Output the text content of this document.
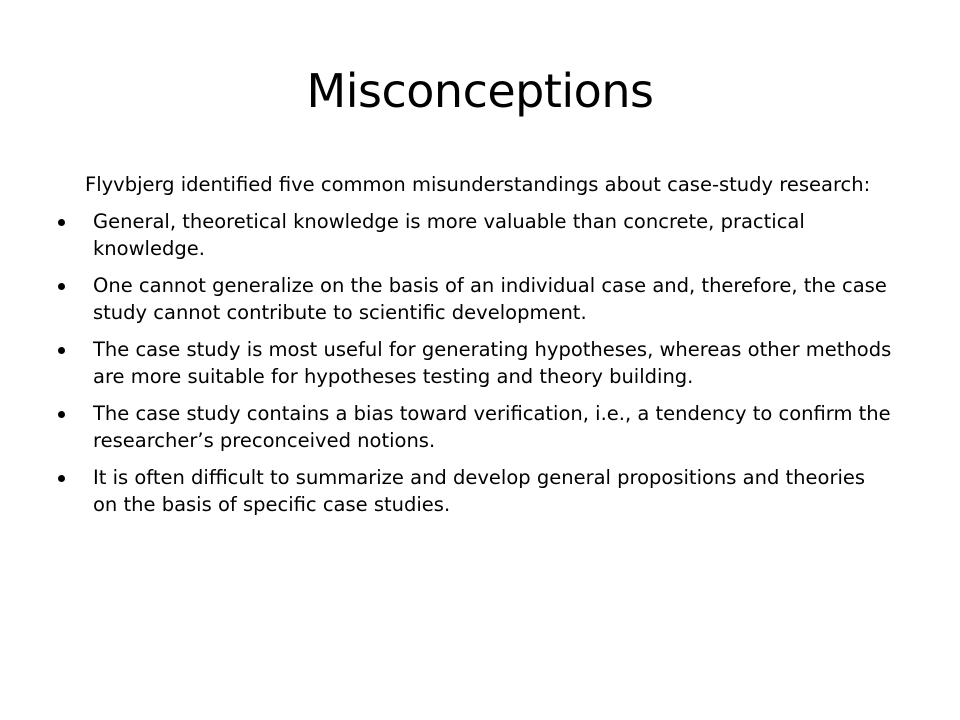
Misconceptions

Flyvbjerg identified five common misunderstandings about case-study research:

General, theoretical knowledge is more valuable than concrete, practical knowledge.
One cannot generalize on the basis of an individual case and, therefore, the case study cannot contribute to scientific development.
The case study is most useful for generating hypotheses, whereas other methods are more suitable for hypotheses testing and theory building.
The case study contains a bias toward verification, i.e., a tendency to confirm the researcher’s preconceived notions.
It is often difficult to summarize and develop general propositions and theories on the basis of specific case studies.
